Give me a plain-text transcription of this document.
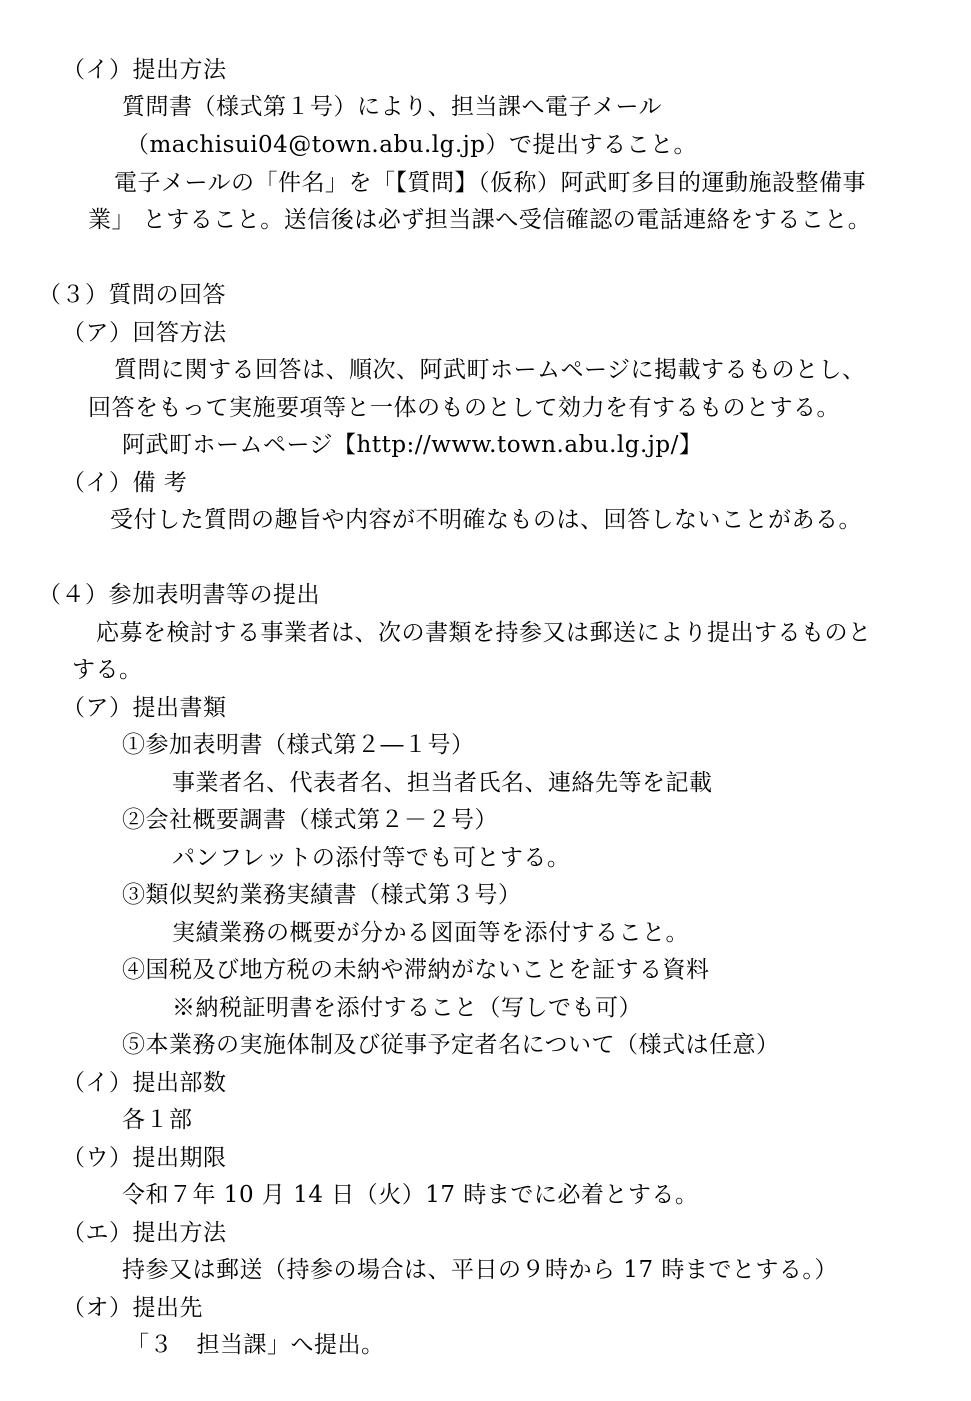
（イ）提出方法
質問書（様式第１号）により、担当課へ電子メール
（machisui04@town.abu.lg.jp）で提出すること。
電子メールの「件名」を「【質問】（仮称）阿武町多目的運動施設整備事
業」 とすること。送信後は必ず担当課へ受信確認の電話連絡をすること。
（３）質問の回答
（ア）回答方法
質問に関する回答は、順次、阿武町ホームページに掲載するものとし、
回答をもって実施要項等と一体のものとして効力を有するものとする。
阿武町ホームページ【http://www.town.abu.lg.jp/】
（イ）備 考
受付した質問の趣旨や内容が不明確なものは、回答しないことがある。
（４）参加表明書等の提出
応募を検討する事業者は、次の書類を持参又は郵送により提出するものと
する。
（ア）提出書類
①参加表明書（様式第２―１号）
事業者名、代表者名、担当者氏名、連絡先等を記載
②会社概要調書（様式第２－２号）
パンフレットの添付等でも可とする。
③類似契約業務実績書（様式第３号）
実績業務の概要が分かる図面等を添付すること。
④国税及び地方税の未納や滞納がないことを証する資料
※納税証明書を添付すること（写しでも可）
⑤本業務の実施体制及び従事予定者名について（様式は任意）
（イ）提出部数
各１部
（ウ）提出期限
令和７年 10 月 14 日（火）17 時までに必着とする。
（エ）提出方法
持参又は郵送（持参の場合は、平日の９時から 17 時までとする。）
（オ）提出先
「３　担当課」へ提出。
